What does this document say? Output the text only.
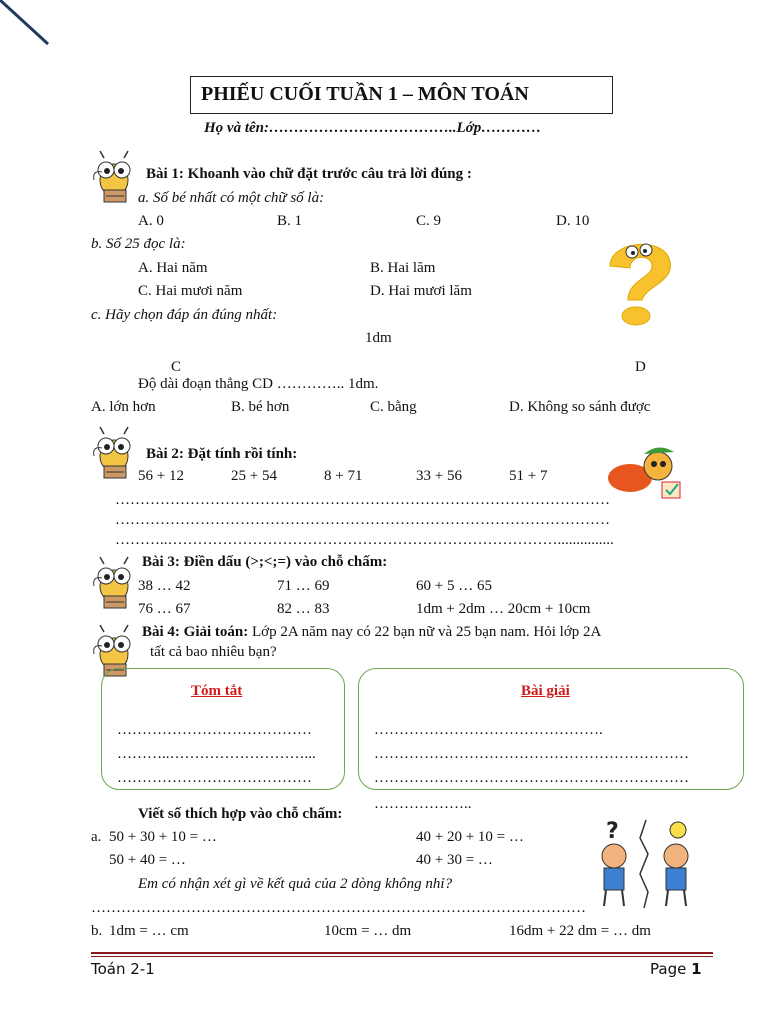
PHIẾU CUỐI TUẦN 1 – MÔN TOÁN
Họ và tên:………………………………..Lớp…………
Bài 1: Khoanh vào chữ đặt trước câu trả lời đúng :
a. Số bé nhất có một chữ số là:
A. 0	B. 1	C. 9	D. 10
b. Số 25 đọc là:
A. Hai năm	B. Hai lăm
C. Hai mươi năm	D. Hai mươi lăm
c. Hãy chọn đáp án đúng nhất:
1dm
C	D
Độ dài đoạn thẳng CD ………….. 1dm.
A. lớn hơn	B. bé hơn	C. bằng	D. Không so sánh được
Bài 2: Đặt tính rồi tính:
56 + 12	25 + 54	8 + 71	33 + 56	51 + 7
………………………………………………………………………………………
………………………………………………………………………………………
………..……………………………………………………………………...............
Bài 3: Điền dấu (>;<;=) vào chỗ chấm:
38 … 42	71 … 69	60 + 5 … 65
76 … 67	82 … 83	1dm + 2dm … 20cm + 10cm
Bài 4: Giải toán: Lớp 2A năm nay có 22 bạn nữ và 25 bạn nam. Hỏi lớp 2A
tất cả bao nhiêu bạn?
Tóm tắt
…………………………………
………..………………………...
…………………………………
Bài giải
……………………………………….
………………………………………………………
………………………………………………………
………………..
Viết số thích hợp vào chỗ chấm:
a. 50 + 30 + 10 = …	40 + 20 + 10 = …
50 + 40 = …	40 + 30 = …
Em có nhận xét gì về kết quả của 2 dòng không nhỉ?
………………………………………………………………………………………
b. 1dm = … cm	10cm = … dm	16dm + 22 dm = … dm
?
Toán 2-1	Page 1
